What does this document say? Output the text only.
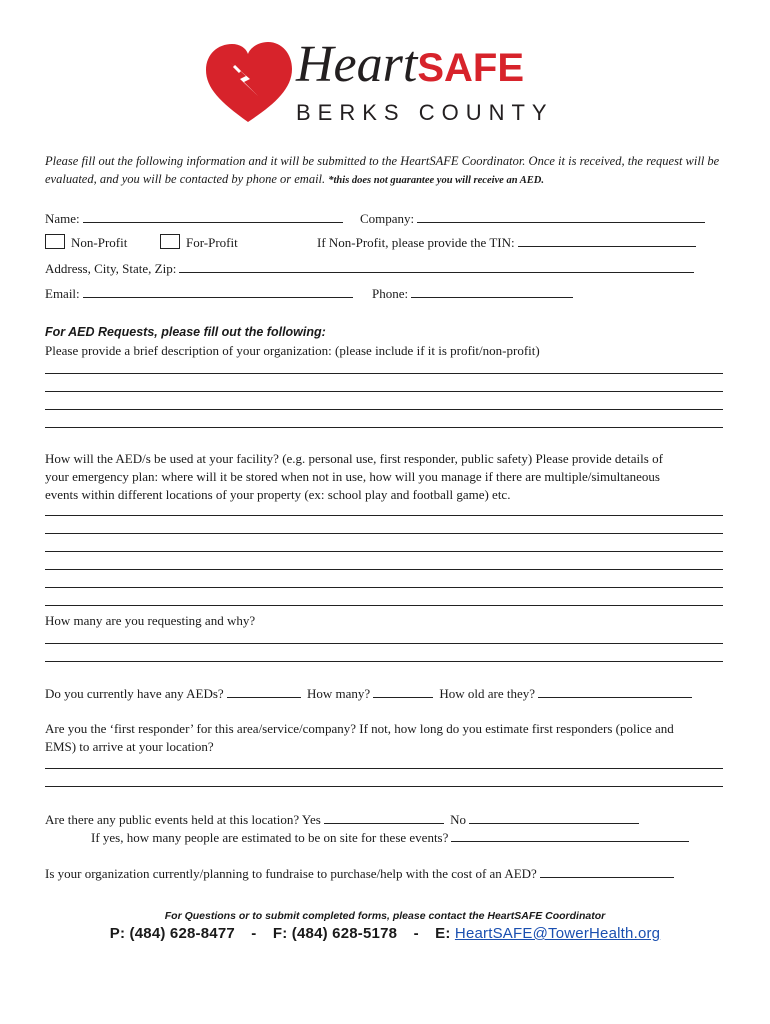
HeartSAFE
BERKS COUNTY
Please fill out the following information and it will be submitted to the HeartSAFE Coordinator. Once it is received, the request will be evaluated, and you will be contacted by phone or email. *this does not guarantee you will receive an AED.
Name:	Company:
Non-Profit	For-Profit	If Non-Profit, please provide the TIN:
Address, City, State, Zip:
Email:	Phone:
For AED Requests, please fill out the following:
Please provide a brief description of your organization: (please include if it is profit/non-profit)
How will the AED/s be used at your facility? (e.g. personal use, first responder, public safety) Please provide details of
your emergency plan: where will it be stored when not in use, how will you manage if there are multiple/simultaneous
events within different locations of your property (ex: school play and football game) etc.
How many are you requesting and why?
Do you currently have any AEDs?	How many?	How old are they?
Are you the ‘first responder’ for this area/service/company? If not, how long do you estimate first responders (police and
EMS) to arrive at your location?
Are there any public events held at this location? Yes	No
If yes, how many people are estimated to be on site for these events?
Is your organization currently/planning to fundraise to purchase/help with the cost of an AED?
For Questions or to submit completed forms, please contact the HeartSAFE Coordinator
P: (484) 628-8477 - F: (484) 628-5178 - E: HeartSAFE@TowerHealth.org
